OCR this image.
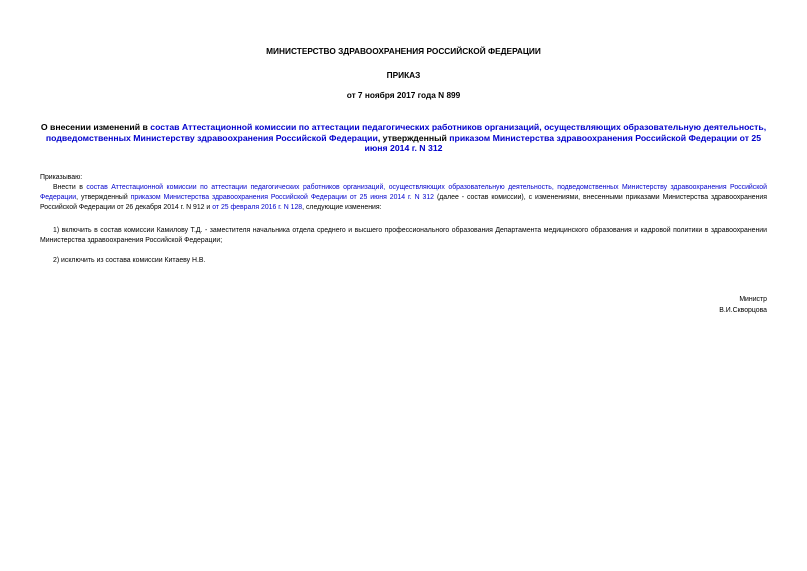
МИНИСТЕРСТВО ЗДРАВООХРАНЕНИЯ РОССИЙСКОЙ ФЕДЕРАЦИИ
ПРИКАЗ
от 7 ноября 2017 года N 899
О внесении изменений в состав Аттестационной комиссии по аттестации педагогических работников организаций, осуществляющих образовательную деятельность, подведомственных Министерству здравоохранения Российской Федерации, утвержденный приказом Министерства здравоохранения Российской Федерации от 25 июня 2014 г. N 312
Приказываю:
Внести в состав Аттестационной комиссии по аттестации педагогических работников организаций, осуществляющих образовательную деятельность, подведомственных Министерству здравоохранения Российской Федерации, утвержденный приказом Министерства здравоохранения Российской Федерации от 25 июня 2014 г. N 312 (далее - состав комиссии), с изменениями, внесенными приказами Министерства здравоохранения Российской Федерации от 26 декабря 2014 г. N 912 и от 25 февраля 2016 г. N 128, следующие изменения:
1) включить в состав комиссии Камилову Т.Д. - заместителя начальника отдела среднего и высшего профессионального образования Департамента медицинского образования и кадровой политики в здравоохранении Министерства здравоохранения Российской Федерации;
2) исключить из состава комиссии Китаеву Н.В.
Министр
В.И.Скворцова
